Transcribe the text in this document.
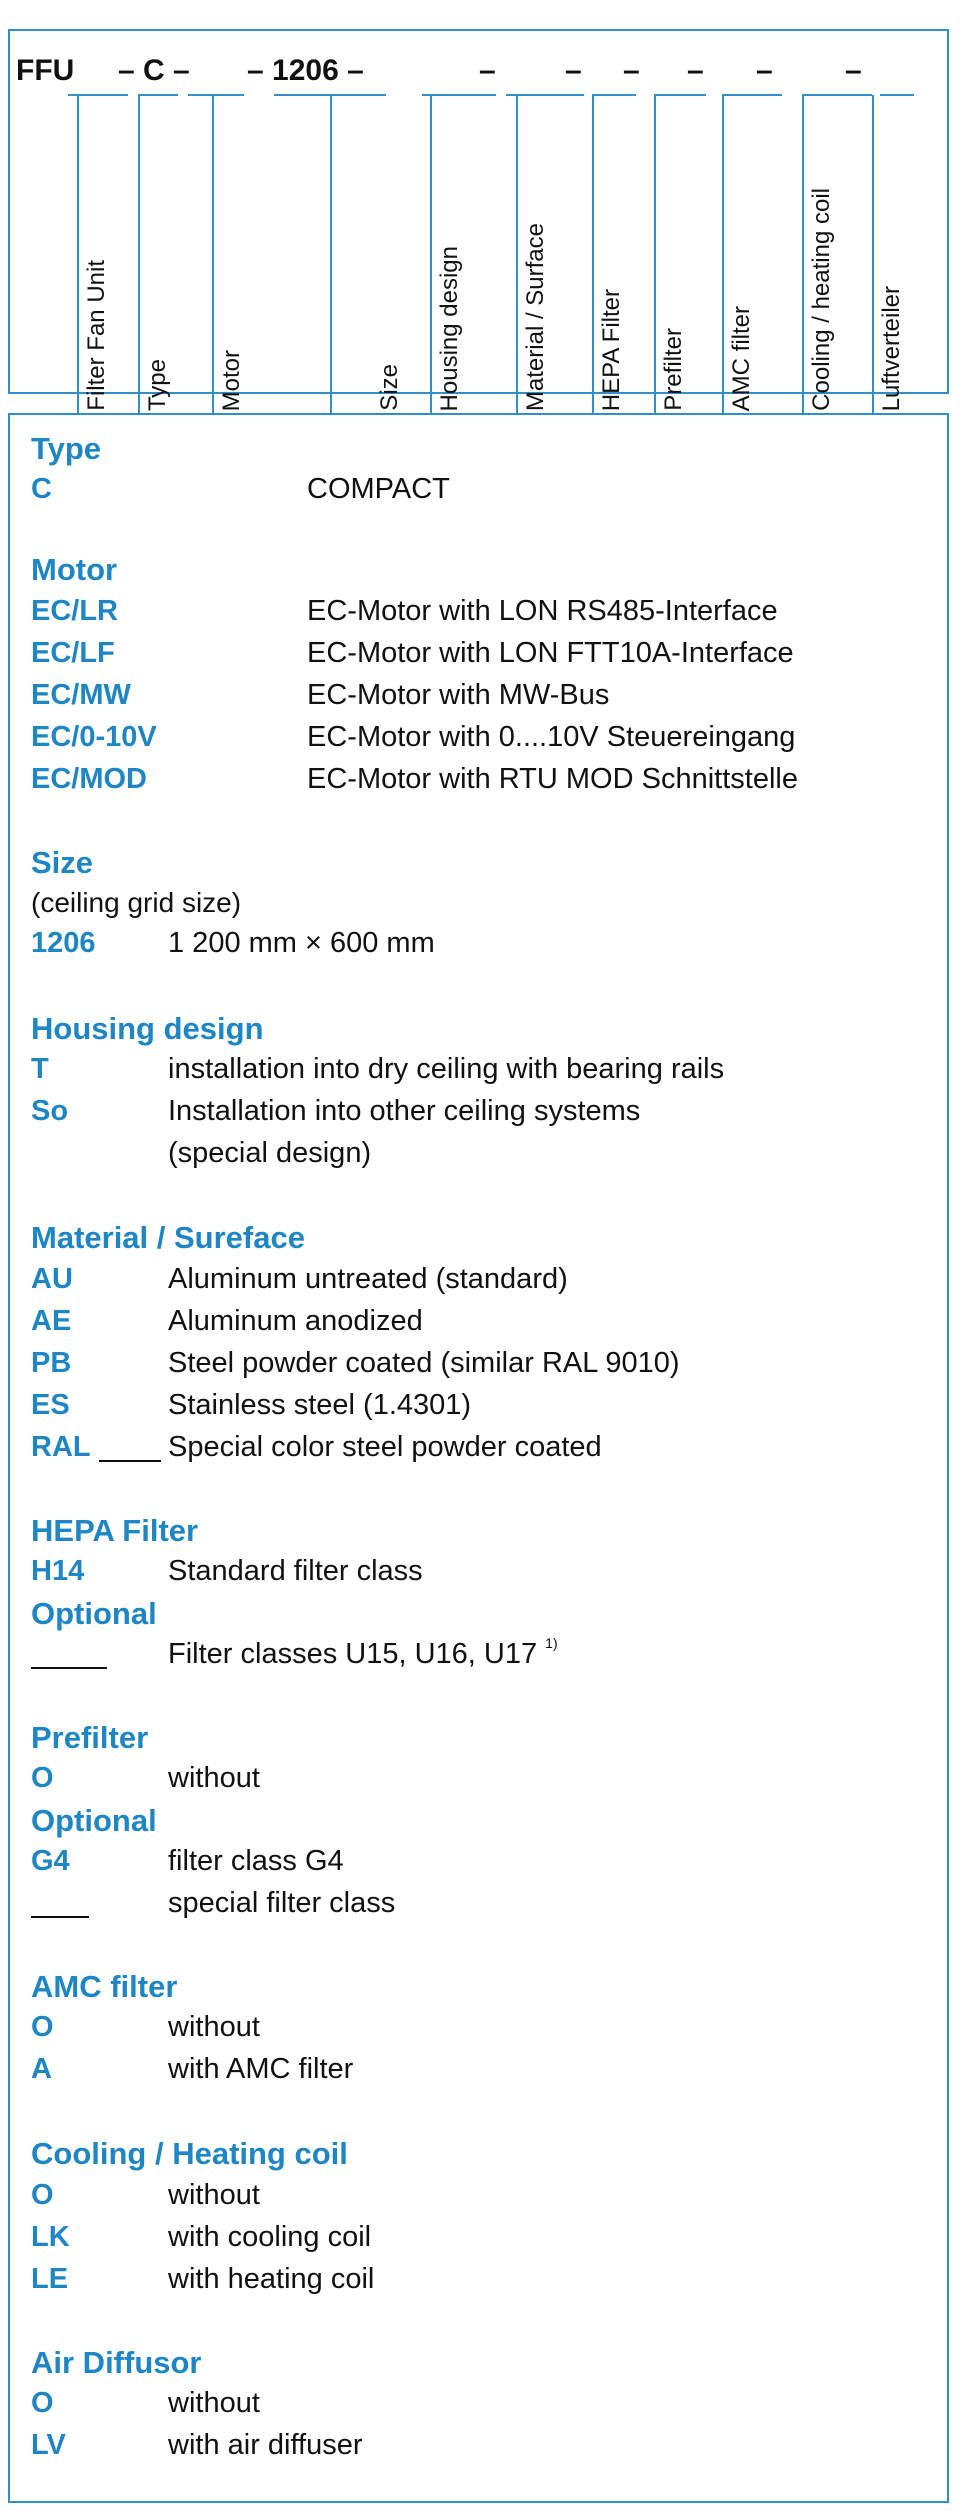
FFU – C – – 1206 –	– – – – – –
Filter Fan Unit Type Motor	Size Housing design Material / Surface HEPA Filter Prefilter AMC filter Cooling / heating coil Luftverteiler
Type
C	COMPACT
Motor
EC/LR	EC-Motor with LON RS485-Interface
EC/LF	EC-Motor with LON FTT10A-Interface
EC/MW	EC-Motor with MW-Bus
EC/0-10V	EC-Motor with 0....10V Steuereingang
EC/MOD	EC-Motor with RTU MOD Schnittstelle
Size
(ceiling grid size)
1206 1 200 mm × 600 mm
Housing design
T	installation into dry ceiling with bearing rails
So	Installation into other ceiling systems
(special design)
Material / Sureface
AU	Aluminum untreated (standard)
AE	Aluminum anodized
PB	Steel powder coated (similar RAL 9010)
ES	Stainless steel (1.4301)
RAL	Special color steel powder coated
HEPA Filter
H14	Standard filter class
Optional
Filter classes U15, U16, U17 $^{1)}$
Prefilter
O	without
Optional
G4	filter class G4
special filter class
AMC filter
O	without
A	with AMC filter
Cooling / Heating coil
O	without
LK	with cooling coil
LE	with heating coil
Air Diffusor
O	without
LV	with air diffuser
